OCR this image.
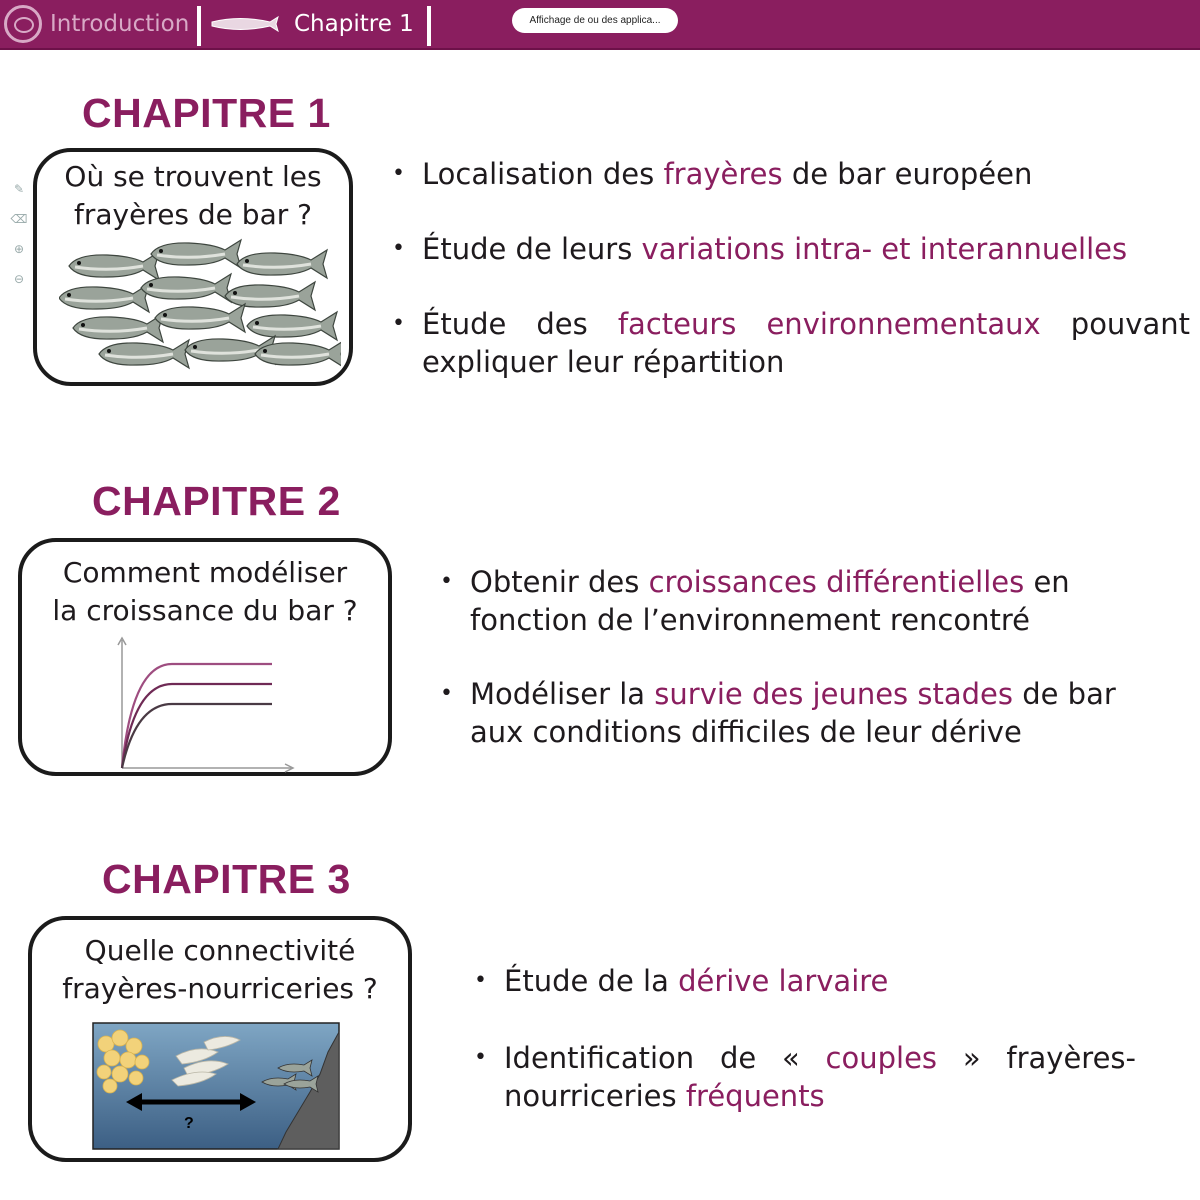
Introduction	Chapitre 1	Affichage de ou des applica...
✎
⌫
⊕
⊖
CHAPITRE 1
Où se trouvent les
frayères de bar ?

• Localisation des frayères de bar européen

• Étude de leurs variations intra- et interannuelles

• Étude des facteurs environnementaux pouvant expliquer leur répartition

CHAPITRE 2
Comment modéliser
la croissance du bar ?

• Obtenir des croissances différentielles en fonction de l’environnement rencontré

• Modéliser la survie des jeunes stades de bar aux conditions difficiles de leur dérive

CHAPITRE 3
Quelle connectivité
frayères-nourriceries ?
?

• Étude de la dérive larvaire

• Identification de « couples » frayères-nourriceries fréquents
